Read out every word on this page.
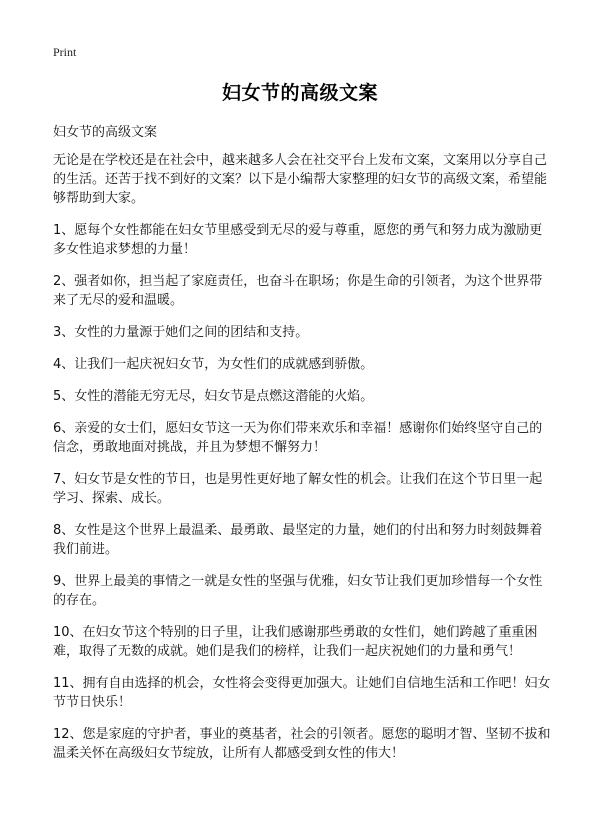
Print
妇女节的高级文案
妇女节的高级文案

无论是在学校还是在社会中，越来越多人会在社交平台上发布文案，文案用以分享自己的生活。还苦于找不到好的文案？以下是小编帮大家整理的妇女节的高级文案，希望能够帮助到大家。

1、愿每个女性都能在妇女节里感受到无尽的爱与尊重，愿您的勇气和努力成为激励更多女性追求梦想的力量！

2、强者如你，担当起了家庭责任，也奋斗在职场；你是生命的引领者，为这个世界带来了无尽的爱和温暖。

3、女性的力量源于她们之间的团结和支持。

4、让我们一起庆祝妇女节，为女性们的成就感到骄傲。

5、女性的潜能无穷无尽，妇女节是点燃这潜能的火焰。

6、亲爱的女士们，愿妇女节这一天为你们带来欢乐和幸福！感谢你们始终坚守自己的信念，勇敢地面对挑战，并且为梦想不懈努力！

7、妇女节是女性的节日，也是男性更好地了解女性的机会。让我们在这个节日里一起学习、探索、成长。

8、女性是这个世界上最温柔、最勇敢、最坚定的力量，她们的付出和努力时刻鼓舞着我们前进。

9、世界上最美的事情之一就是女性的坚强与优雅，妇女节让我们更加珍惜每一个女性的存在。

10、在妇女节这个特别的日子里，让我们感谢那些勇敢的女性们，她们跨越了重重困难，取得了无数的成就。她们是我们的榜样，让我们一起庆祝她们的力量和勇气！

11、拥有自由选择的机会，女性将会变得更加强大。让她们自信地生活和工作吧！妇女节节日快乐！

12、您是家庭的守护者，事业的奠基者，社会的引领者。愿您的聪明才智、坚韧不拔和温柔关怀在高级妇女节绽放，让所有人都感受到女性的伟大！
